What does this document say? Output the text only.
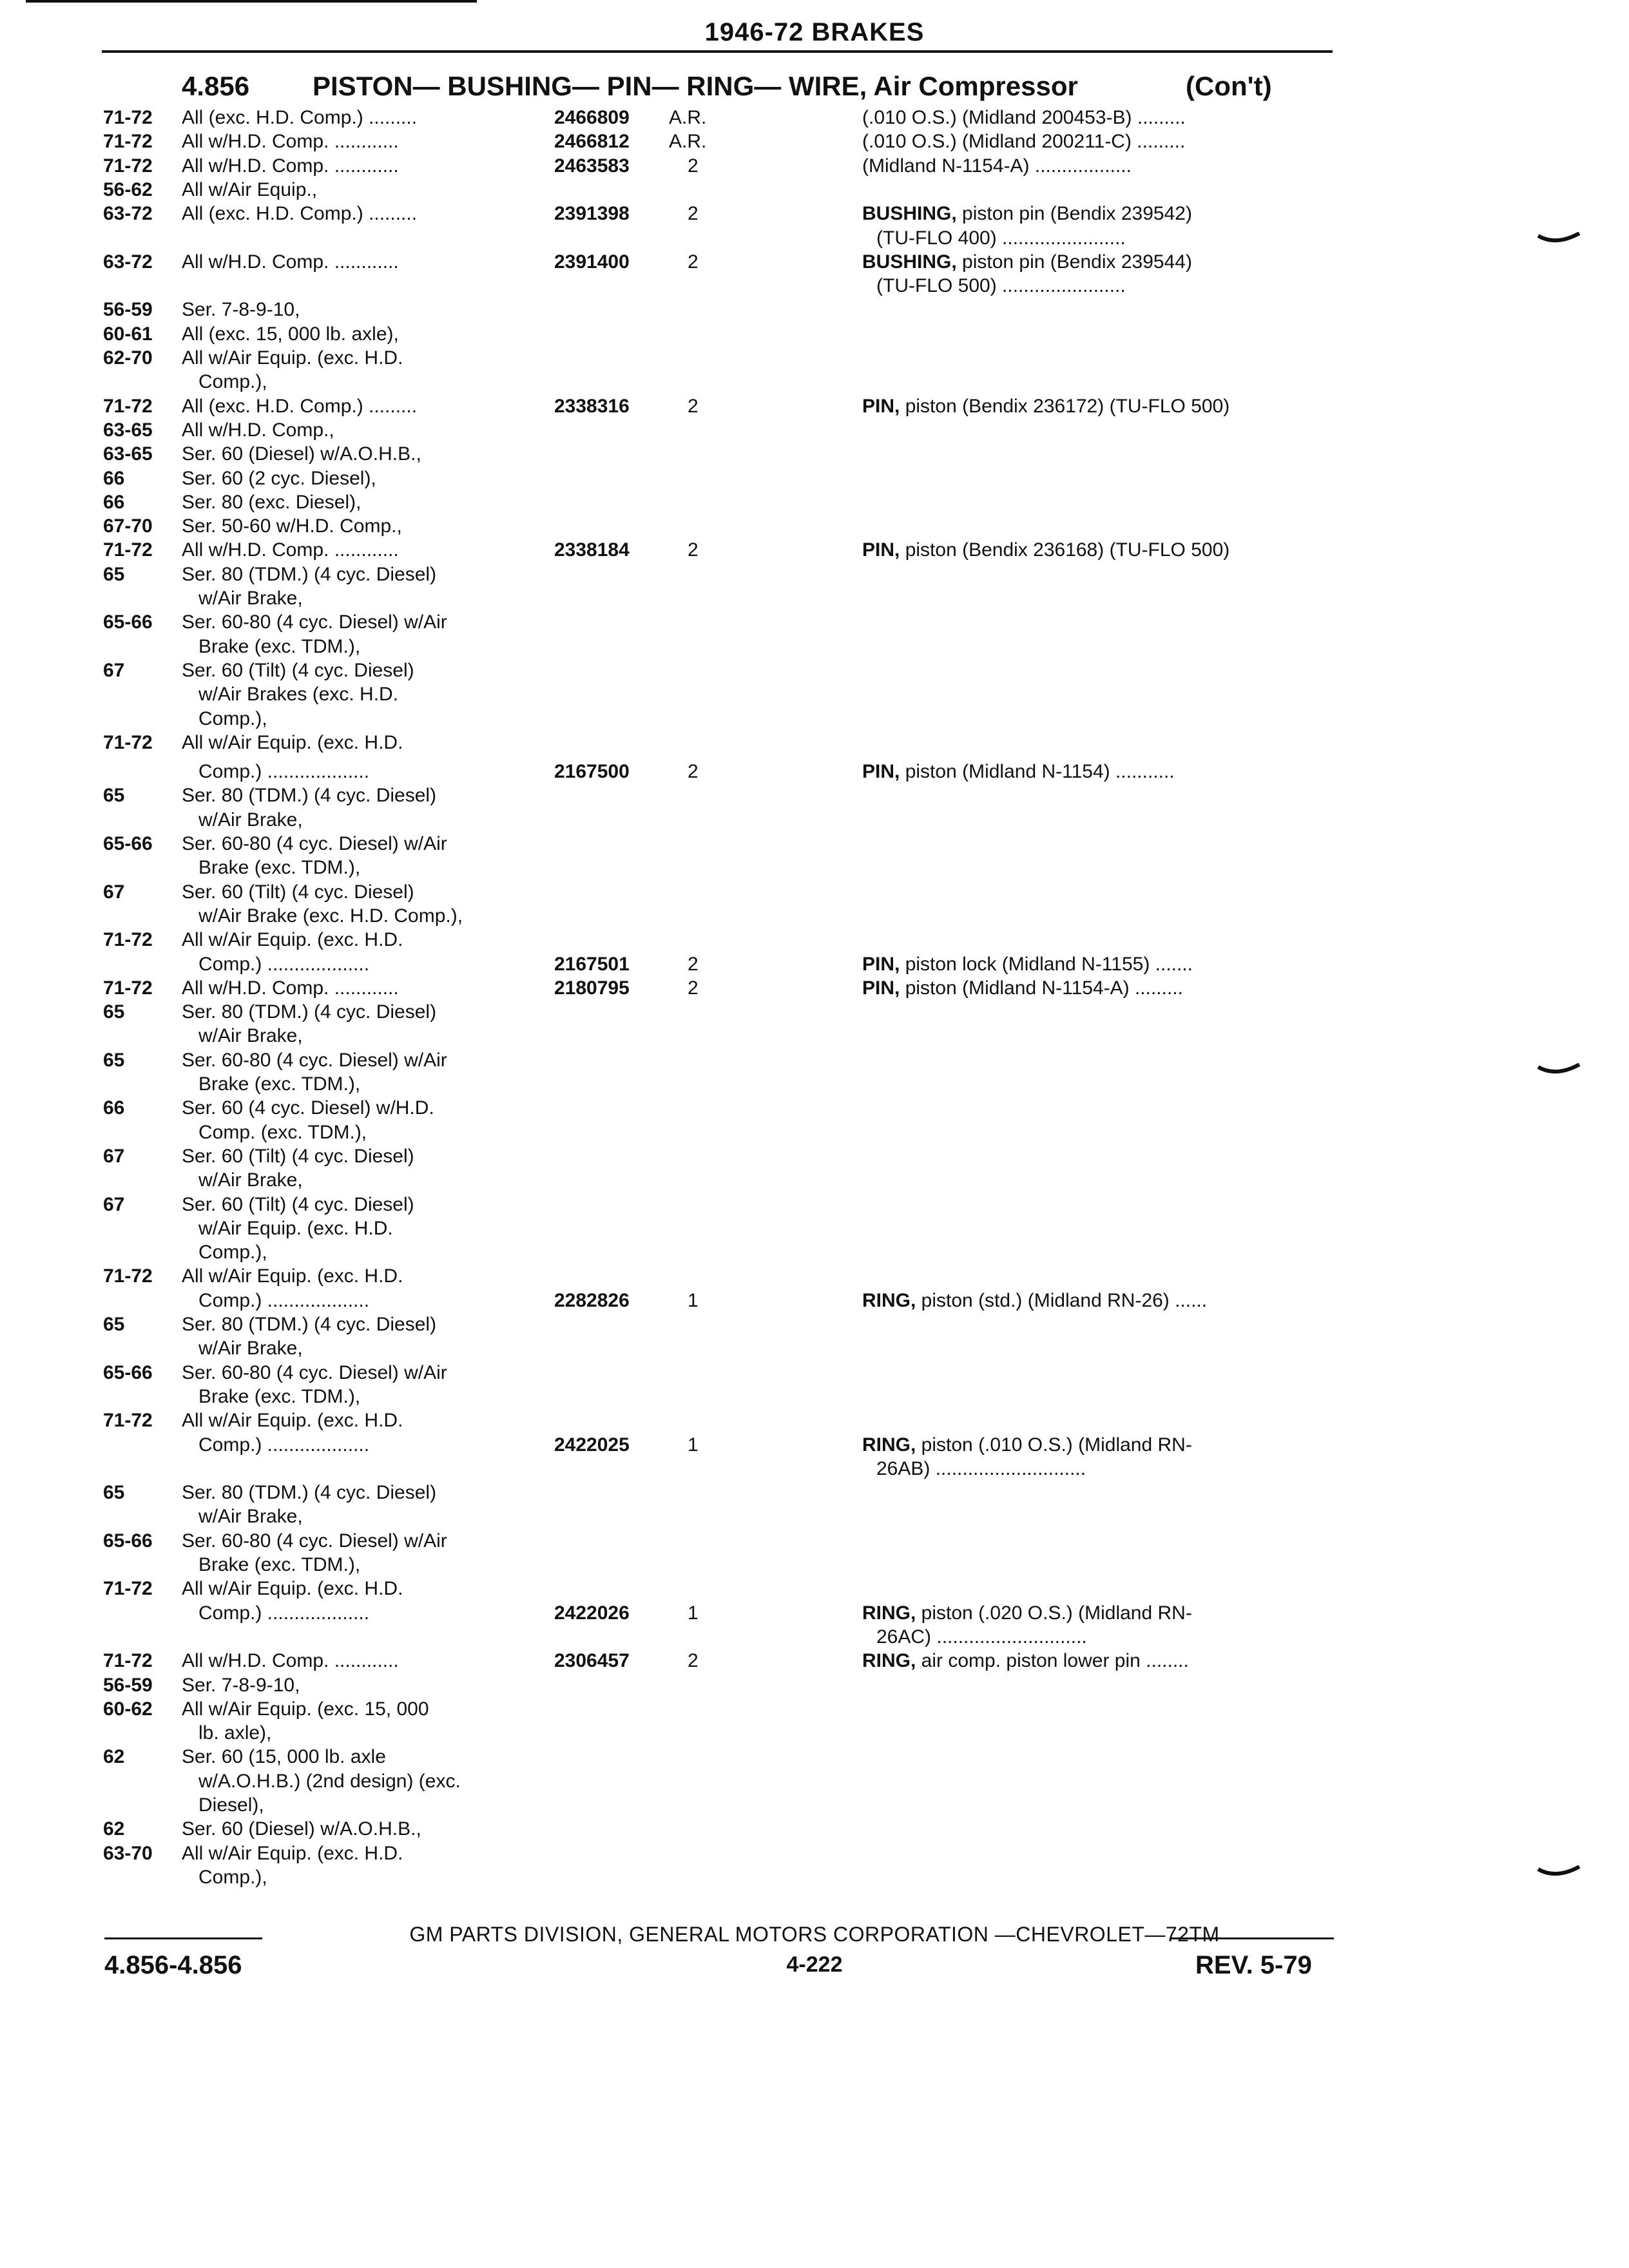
1946-72 BRAKES
4.856 PISTON— BUSHING— PIN— RING— WIRE, Air Compressor	(Con't)
71-72 All (exc. H.D. Comp.) .........	2466809 A.R.	(.010 O.S.) (Midland 200453-B) .........
71-72 All w/H.D. Comp. ............	2466812 A.R.	(.010 O.S.) (Midland 200211-C) .........
71-72 All w/H.D. Comp. ............	2463583	2	(Midland N-1154-A) ..................
56-62 All w/Air Equip.,
63-72 All (exc. H.D. Comp.) .........	2391398	2	BUSHING, piston pin (Bendix 239542)
(TU-FLO 400) .......................
63-72 All w/H.D. Comp. ............	2391400	2	BUSHING, piston pin (Bendix 239544)
(TU-FLO 500) .......................
56-59 Ser. 7-8-9-10,
60-61 All (exc. 15, 000 lb. axle),
62-70 All w/Air Equip. (exc. H.D.
Comp.),
71-72 All (exc. H.D. Comp.) .........	2338316	2	PIN, piston (Bendix 236172) (TU-FLO 500)
63-65 All w/H.D. Comp.,
63-65 Ser. 60 (Diesel) w/A.O.H.B.,
66	Ser. 60 (2 cyc. Diesel),
66	Ser. 80 (exc. Diesel),
67-70 Ser. 50-60 w/H.D. Comp.,
71-72 All w/H.D. Comp. ............	2338184	2	PIN, piston (Bendix 236168) (TU-FLO 500)
65	Ser. 80 (TDM.) (4 cyc. Diesel)
w/Air Brake,
65-66 Ser. 60-80 (4 cyc. Diesel) w/Air
Brake (exc. TDM.),
67	Ser. 60 (Tilt) (4 cyc. Diesel)
w/Air Brakes (exc. H.D.
Comp.),
71-72 All w/Air Equip. (exc. H.D.
Comp.) ...................	2167500	2	PIN, piston (Midland N-1154) ...........
65	Ser. 80 (TDM.) (4 cyc. Diesel)
w/Air Brake,
65-66 Ser. 60-80 (4 cyc. Diesel) w/Air
Brake (exc. TDM.),
67	Ser. 60 (Tilt) (4 cyc. Diesel)
w/Air Brake (exc. H.D. Comp.),
71-72 All w/Air Equip. (exc. H.D.
Comp.) ...................	2167501	2	PIN, piston lock (Midland N-1155) .......
71-72 All w/H.D. Comp. ............	2180795	2	PIN, piston (Midland N-1154-A) .........
65	Ser. 80 (TDM.) (4 cyc. Diesel)
w/Air Brake,
65	Ser. 60-80 (4 cyc. Diesel) w/Air
Brake (exc. TDM.),
66	Ser. 60 (4 cyc. Diesel) w/H.D.
Comp. (exc. TDM.),
67	Ser. 60 (Tilt) (4 cyc. Diesel)
w/Air Brake,
67	Ser. 60 (Tilt) (4 cyc. Diesel)
w/Air Equip. (exc. H.D.
Comp.),
71-72 All w/Air Equip. (exc. H.D.
Comp.) ...................	2282826	1	RING, piston (std.) (Midland RN-26) ......
65	Ser. 80 (TDM.) (4 cyc. Diesel)
w/Air Brake,
65-66 Ser. 60-80 (4 cyc. Diesel) w/Air
Brake (exc. TDM.),
71-72 All w/Air Equip. (exc. H.D.
Comp.) ...................	2422025	1	RING, piston (.010 O.S.) (Midland RN-
26AB) ............................
65	Ser. 80 (TDM.) (4 cyc. Diesel)
w/Air Brake,
65-66 Ser. 60-80 (4 cyc. Diesel) w/Air
Brake (exc. TDM.),
71-72 All w/Air Equip. (exc. H.D.
Comp.) ...................	2422026	1	RING, piston (.020 O.S.) (Midland RN-
26AC) ............................
71-72 All w/H.D. Comp. ............	2306457	2	RING, air comp. piston lower pin ........
56-59 Ser. 7-8-9-10,
60-62 All w/Air Equip. (exc. 15, 000
lb. axle),
62	Ser. 60 (15, 000 lb. axle
w/A.O.H.B.) (2nd design) (exc.
Diesel),
62	Ser. 60 (Diesel) w/A.O.H.B.,
63-70 All w/Air Equip. (exc. H.D.
Comp.),
GM PARTS DIVISION, GENERAL MOTORS CORPORATION —CHEVROLET—72TM
4.856-4.856	4-222	REV. 5-79
